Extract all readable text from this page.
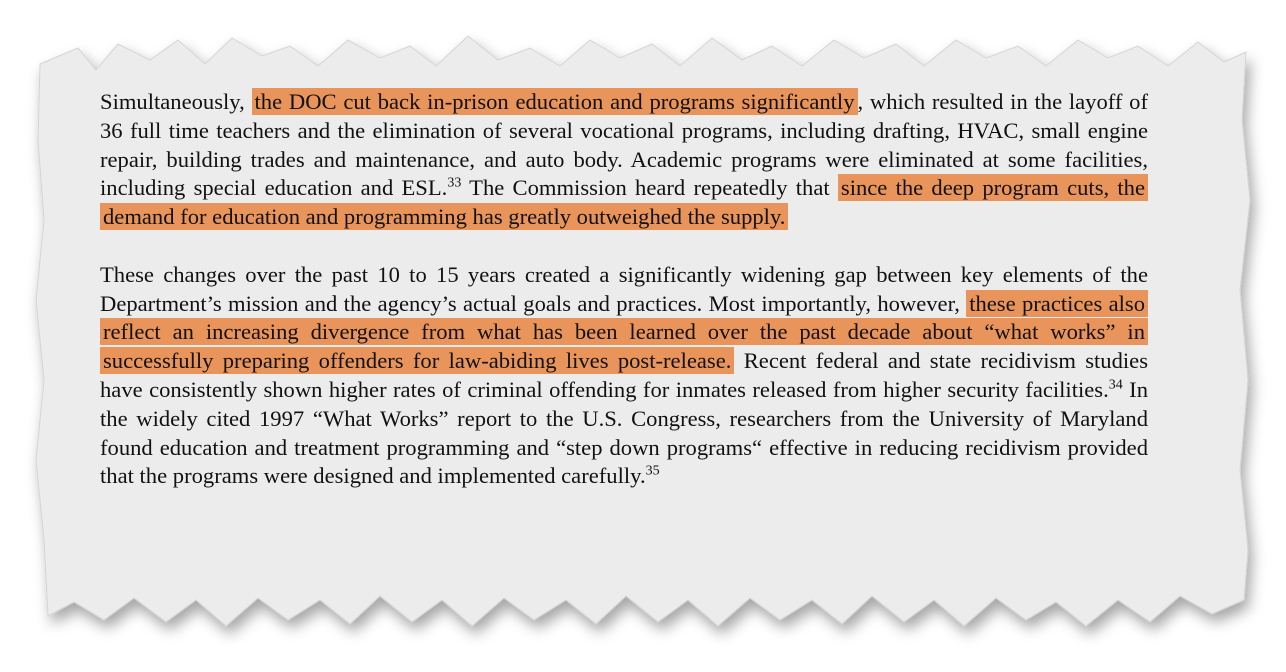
Simultaneously, the DOC cut back in-prison education and programs significantly , which resulted in the layoff of 36 full time teachers and the elimination of several vocational programs, including drafting, HVAC, small engine repair, building trades and maintenance, and auto body. Academic programs were eliminated at some facilities, including special education and ESL.$^{33}$ The Commission heard repeatedly that since the deep program cuts, the demand for education and programming has greatly outweighed the supply.

These changes over the past 10 to 15 years created a significantly widening gap between key elements of the Department’s mission and the agency’s actual goals and practices. Most importantly, however, these practices also reflect an increasing divergence from what has been learned over the past decade about “what works” in successfully preparing offenders for law-abiding lives post-release. Recent federal and state recidivism studies have consistently shown higher rates of criminal offending for inmates released from higher security facilities.$^{34}$ In the widely cited 1997 “What Works” report to the U.S. Congress, researchers from the University of Maryland found education and treatment programming and “step down programs“ effective in reducing recidivism provided that the programs were designed and implemented carefully.$^{35}$
